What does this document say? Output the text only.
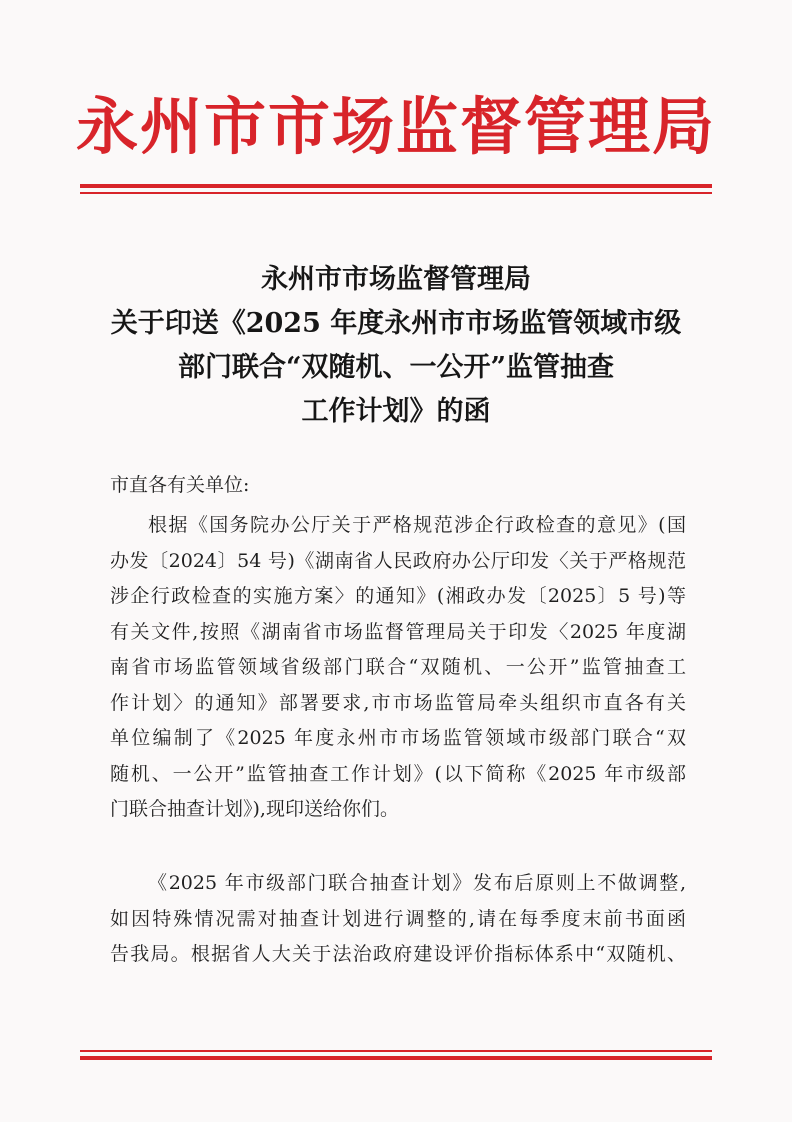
永州市市场监督管理局
永州市市场监督管理局
关于印送《2025 年度永州市市场监管领域市级
部门联合“双随机、一公开”监管抽查
工作计划》的函
市直各有关单位:
根据《国务院办公厅关于严格规范涉企行政检查的意见》(国
办发〔2024〕54 号)《湖南省人民政府办公厅印发〈关于严格规范
涉企行政检查的实施方案〉的通知》(湘政办发〔2025〕5 号)等
有关文件,按照《湖南省市场监督管理局关于印发〈2025 年度湖
南省市场监管领域省级部门联合“双随机、一公开”监管抽查工
作计划〉的通知》部署要求,市市场监管局牵头组织市直各有关
单位编制了《2025 年度永州市市场监管领域市级部门联合“双
随机、一公开”监管抽查工作计划》(以下简称《2025 年市级部
门联合抽查计划》),现印送给你们。
《2025 年市级部门联合抽查计划》发布后原则上不做调整,
如因特殊情况需对抽查计划进行调整的,请在每季度末前书面函
告我局。根据省人大关于法治政府建设评价指标体系中“双随机、
